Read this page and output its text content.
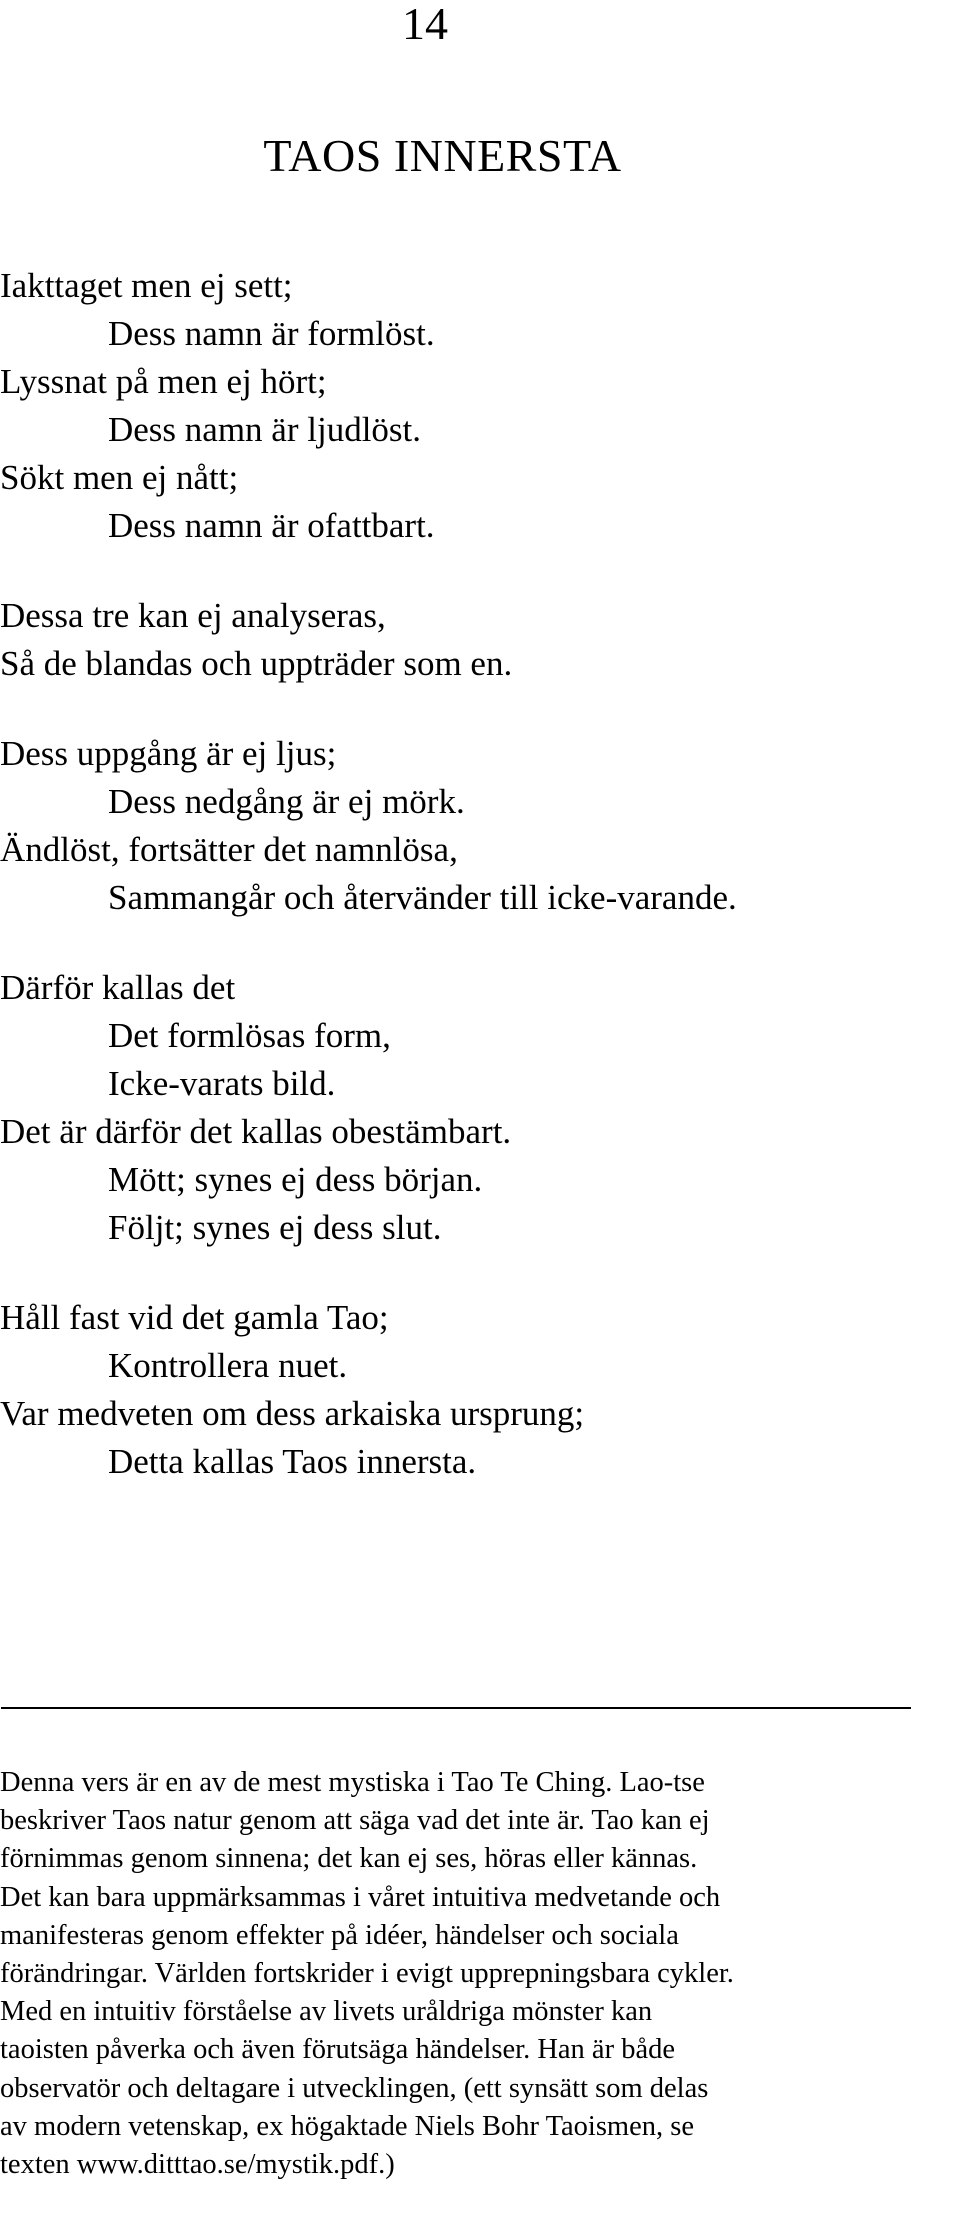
14
TAOS INNERSTA
Iakttaget men ej sett;
Dess namn är formlöst.
Lyssnat på men ej hört;
Dess namn är ljudlöst.
Sökt men ej nått;
Dess namn är ofattbart.
Dessa tre kan ej analyseras,
Så de blandas och uppträder som en.
Dess uppgång är ej ljus;
Dess nedgång är ej mörk.
Ändlöst, fortsätter det namnlösa,
Sammangår och återvänder till icke-varande.
Därför kallas det
Det formlösas form,
Icke-varats bild.
Det är därför det kallas obestämbart.
Mött; synes ej dess början.
Följt; synes ej dess slut.
Håll fast vid det gamla Tao;
Kontrollera nuet.
Var medveten om dess arkaiska ursprung;
Detta kallas Taos innersta.
Denna vers är en av de mest mystiska i Tao Te Ching. Lao-tse
beskriver Taos natur genom att säga vad det inte är. Tao kan ej
förnimmas genom sinnena; det kan ej ses, höras eller kännas.
Det kan bara uppmärksammas i våret intuitiva medvetande och
manifesteras genom effekter på idéer, händelser och sociala
förändringar. Världen fortskrider i evigt upprepningsbara cykler.
Med en intuitiv förståelse av livets uråldriga mönster kan
taoisten påverka och även förutsäga händelser. Han är både
observatör och deltagare i utvecklingen, (ett synsätt som delas
av modern vetenskap, ex högaktade Niels Bohr Taoismen, se
texten www.ditttao.se/mystik.pdf.)
